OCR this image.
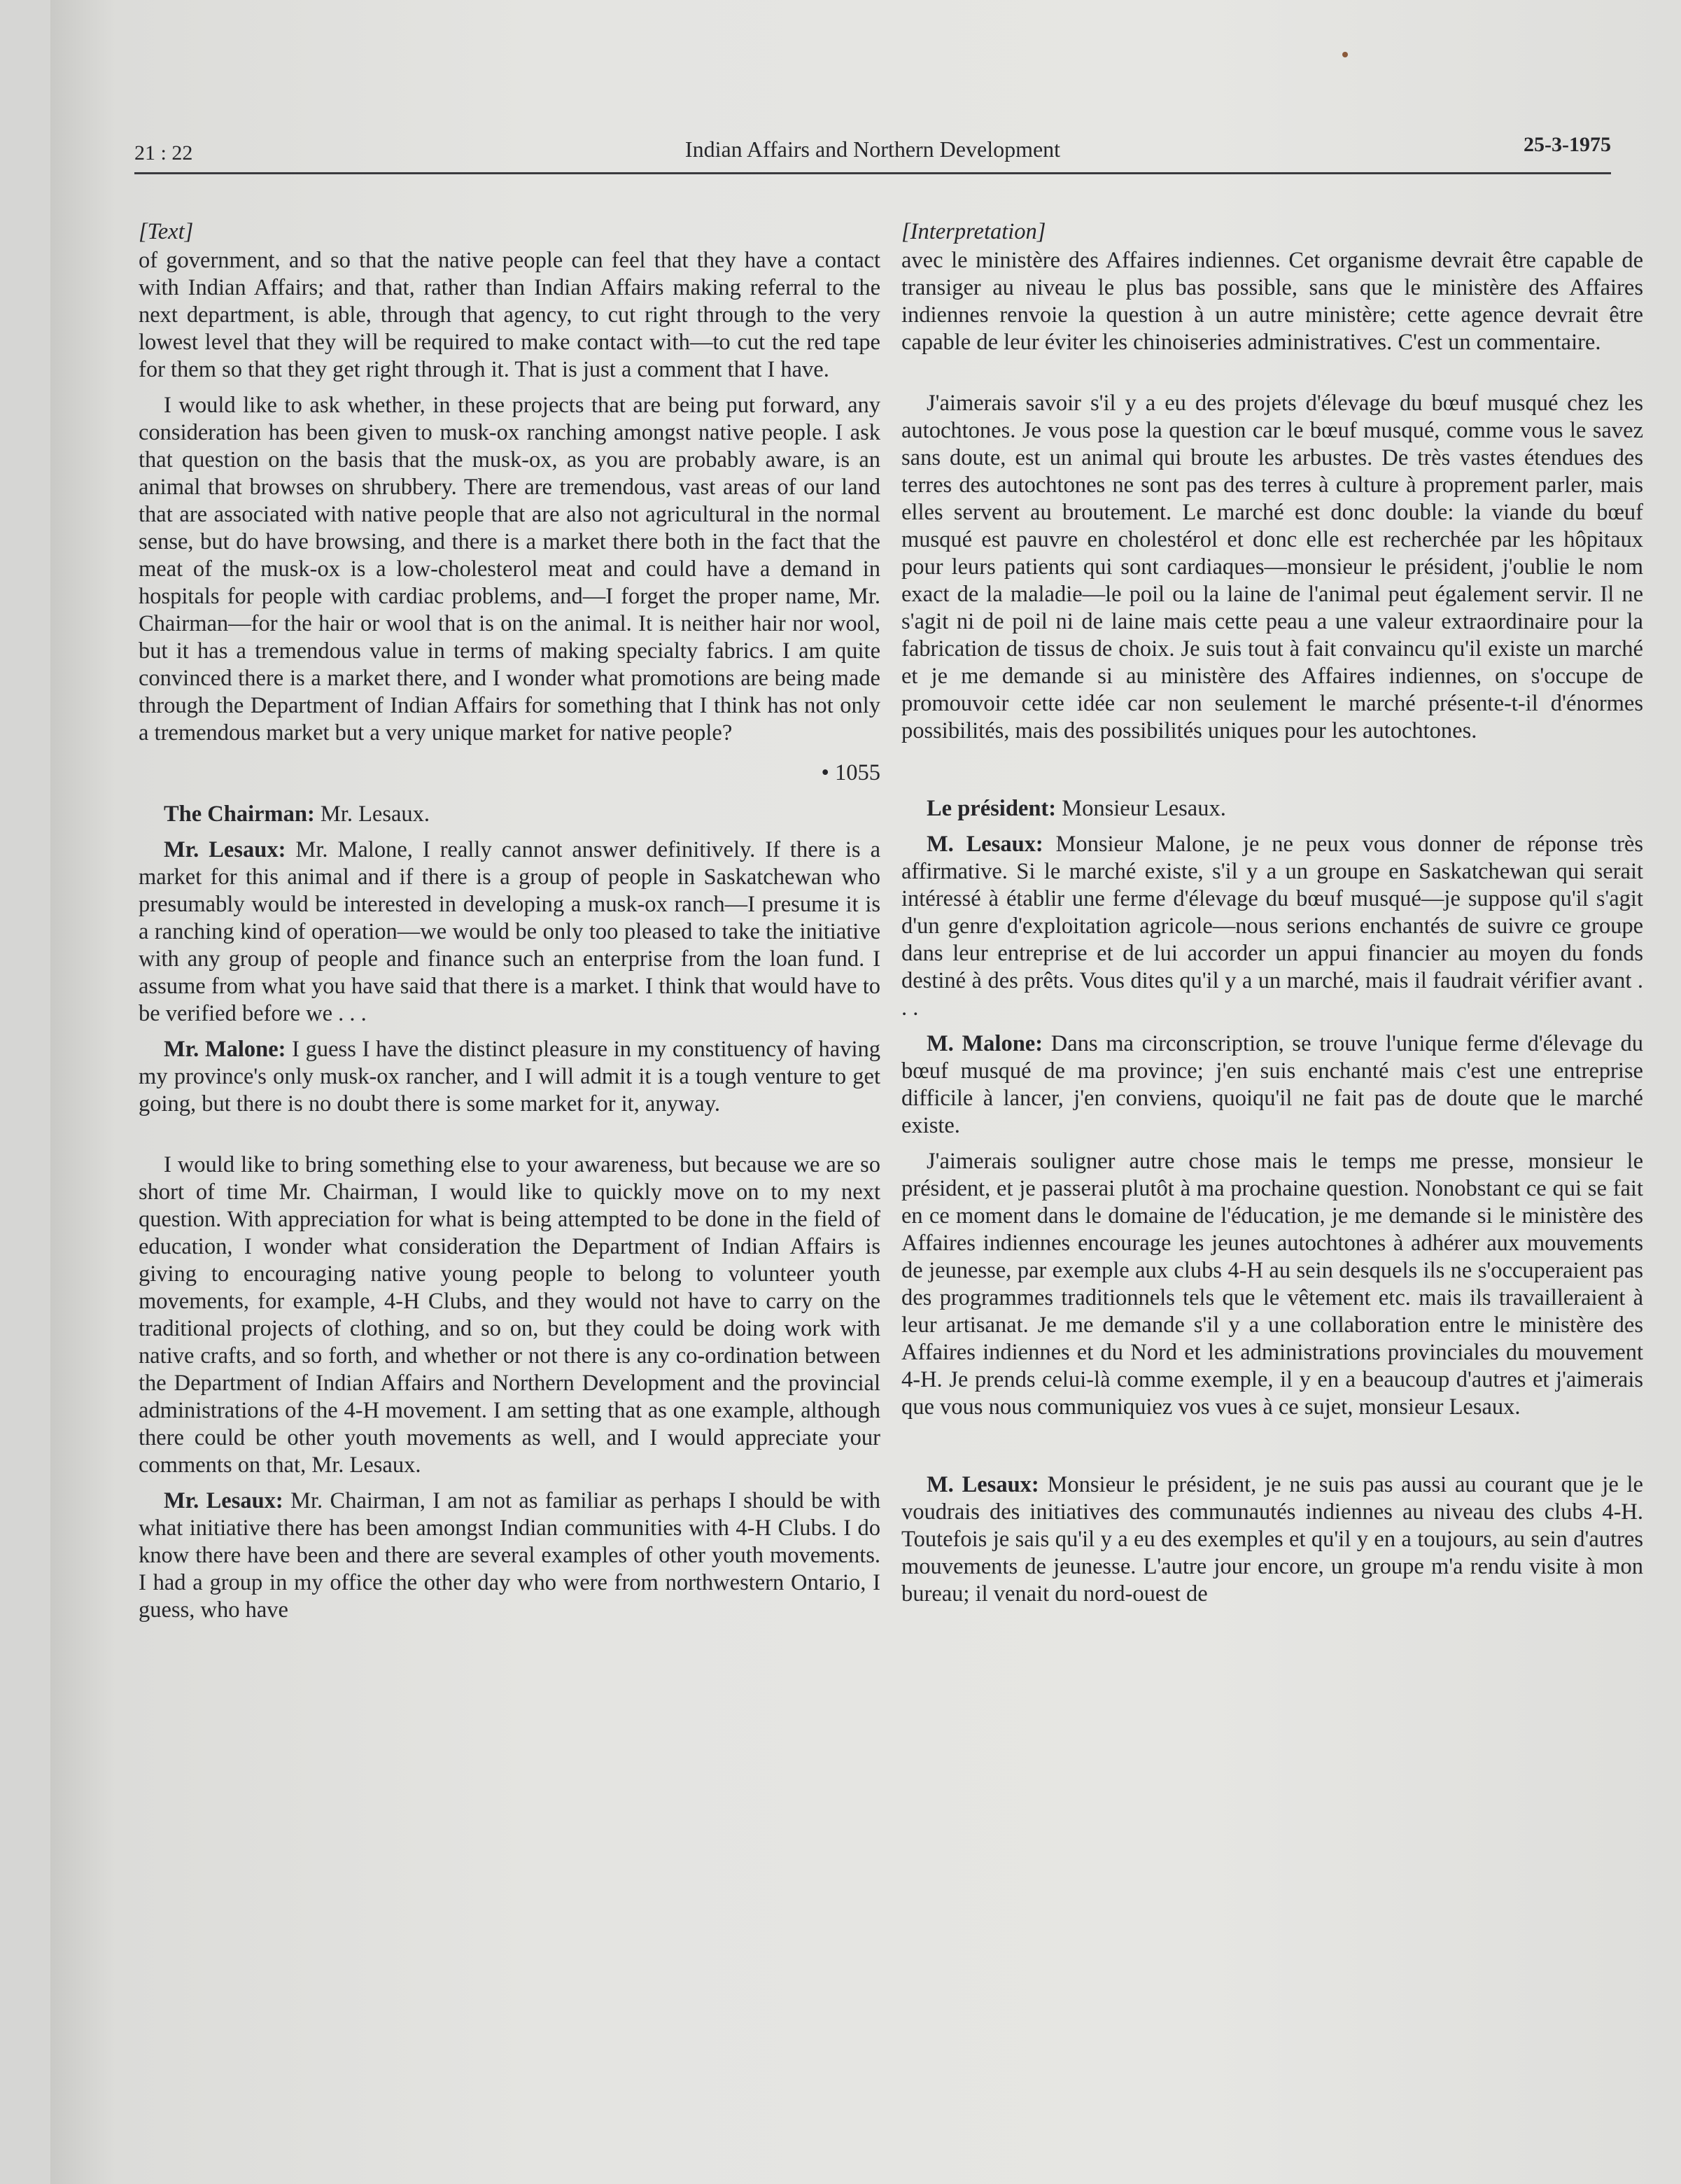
21 : 22	Indian Affairs and Northern Development	25-3-1975
[Text]

of government, and so that the native people can feel that they have a contact with Indian Affairs; and that, rather than Indian Affairs making referral to the next department, is able, through that agency, to cut right through to the very lowest level that they will be required to make contact with—to cut the red tape for them so that they get right through it. That is just a comment that I have.

I would like to ask whether, in these projects that are being put forward, any consideration has been given to musk-ox ranching amongst native people. I ask that question on the basis that the musk-ox, as you are probably aware, is an animal that browses on shrubbery. There are tremendous, vast areas of our land that are associated with native people that are also not agricultural in the normal sense, but do have browsing, and there is a market there both in the fact that the meat of the musk-ox is a low-cholesterol meat and could have a demand in hospitals for people with cardiac problems, and—I forget the proper name, Mr. Chairman—for the hair or wool that is on the animal. It is neither hair nor wool, but it has a tremendous value in terms of making specialty fabrics. I am quite convinced there is a market there, and I wonder what promotions are being made through the Department of Indian Affairs for something that I think has not only a tremendous market but a very unique market for native people?

• 1055

The Chairman: Mr. Lesaux.

Mr. Lesaux: Mr. Malone, I really cannot answer definitively. If there is a market for this animal and if there is a group of people in Saskatchewan who presumably would be interested in developing a musk-ox ranch—I presume it is a ranching kind of operation—we would be only too pleased to take the initiative with any group of people and finance such an enterprise from the loan fund. I assume from what you have said that there is a market. I think that would have to be verified before we . . .

Mr. Malone: I guess I have the distinct pleasure in my constituency of having my province's only musk-ox rancher, and I will admit it is a tough venture to get going, but there is no doubt there is some market for it, anyway.

I would like to bring something else to your awareness, but because we are so short of time Mr. Chairman, I would like to quickly move on to my next question. With appreciation for what is being attempted to be done in the field of education, I wonder what consideration the Department of Indian Affairs is giving to encouraging native young people to belong to volunteer youth movements, for example, 4-H Clubs, and they would not have to carry on the traditional projects of clothing, and so on, but they could be doing work with native crafts, and so forth, and whether or not there is any co-ordination between the Department of Indian Affairs and Northern Development and the provincial administrations of the 4-H movement. I am setting that as one example, although there could be other youth movements as well, and I would appreciate your comments on that, Mr. Lesaux.

Mr. Lesaux: Mr. Chairman, I am not as familiar as perhaps I should be with what initiative there has been amongst Indian communities with 4-H Clubs. I do know there have been and there are several examples of other youth movements. I had a group in my office the other day who were from northwestern Ontario, I guess, who have

[Interpretation]

avec le ministère des Affaires indiennes. Cet organisme devrait être capable de transiger au niveau le plus bas possible, sans que le ministère des Affaires indiennes renvoie la question à un autre ministère; cette agence devrait être capable de leur éviter les chinoiseries administratives. C'est un commentaire.

J'aimerais savoir s'il y a eu des projets d'élevage du bœuf musqué chez les autochtones. Je vous pose la question car le bœuf musqué, comme vous le savez sans doute, est un animal qui broute les arbustes. De très vastes étendues des terres des autochtones ne sont pas des terres à culture à proprement parler, mais elles servent au broutement. Le marché est donc double: la viande du bœuf musqué est pauvre en cholestérol et donc elle est recherchée par les hôpitaux pour leurs patients qui sont cardiaques—monsieur le président, j'oublie le nom exact de la maladie—le poil ou la laine de l'animal peut également servir. Il ne s'agit ni de poil ni de laine mais cette peau a une valeur extraordinaire pour la fabrication de tissus de choix. Je suis tout à fait convaincu qu'il existe un marché et je me demande si au ministère des Affaires indiennes, on s'occupe de promouvoir cette idée car non seulement le marché présente-t-il d'énormes possibilités, mais des possibilités uniques pour les autochtones.

Le président: Monsieur Lesaux.

M. Lesaux: Monsieur Malone, je ne peux vous donner de réponse très affirmative. Si le marché existe, s'il y a un groupe en Saskatchewan qui serait intéressé à établir une ferme d'élevage du bœuf musqué—je suppose qu'il s'agit d'un genre d'exploitation agricole—nous serions enchantés de suivre ce groupe dans leur entreprise et de lui accorder un appui financier au moyen du fonds destiné à des prêts. Vous dites qu'il y a un marché, mais il faudrait vérifier avant . . .

M. Malone: Dans ma circonscription, se trouve l'unique ferme d'élevage du bœuf musqué de ma province; j'en suis enchanté mais c'est une entreprise difficile à lancer, j'en conviens, quoiqu'il ne fait pas de doute que le marché existe.

J'aimerais souligner autre chose mais le temps me presse, monsieur le président, et je passerai plutôt à ma prochaine question. Nonobstant ce qui se fait en ce moment dans le domaine de l'éducation, je me demande si le ministère des Affaires indiennes encourage les jeunes autochtones à adhérer aux mouvements de jeunesse, par exemple aux clubs 4-H au sein desquels ils ne s'occuperaient pas des programmes traditionnels tels que le vêtement etc. mais ils travailleraient à leur artisanat. Je me demande s'il y a une collaboration entre le ministère des Affaires indiennes et du Nord et les administrations provinciales du mouvement 4-H. Je prends celui-là comme exemple, il y en a beaucoup d'autres et j'aimerais que vous nous communiquiez vos vues à ce sujet, monsieur Lesaux.

M. Lesaux: Monsieur le président, je ne suis pas aussi au courant que je le voudrais des initiatives des communautés indiennes au niveau des clubs 4-H. Toutefois je sais qu'il y a eu des exemples et qu'il y en a toujours, au sein d'autres mouvements de jeunesse. L'autre jour encore, un groupe m'a rendu visite à mon bureau; il venait du nord-ouest de
